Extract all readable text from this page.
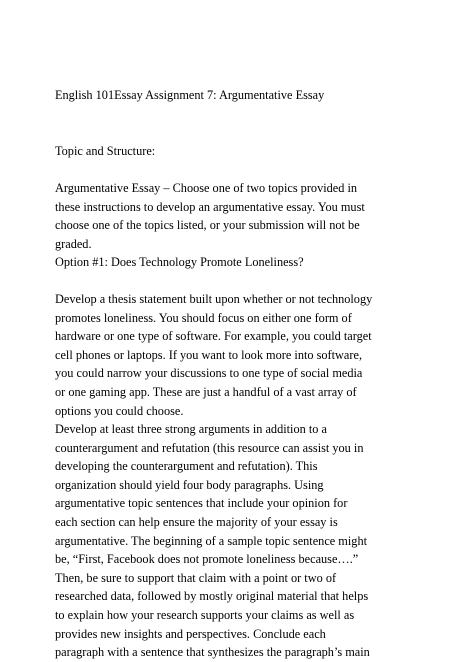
English 101Essay Assignment 7: Argumentative Essay

Topic and Structure:

Argumentative Essay – Choose one of two topics provided in
these instructions to develop an argumentative essay. You must
choose one of the topics listed, or your submission will not be
graded.

Option #1: Does Technology Promote Loneliness?

Develop a thesis statement built upon whether or not technology
promotes loneliness. You should focus on either one form of
hardware or one type of software. For example, you could target
cell phones or laptops. If you want to look more into software,
you could narrow your discussions to one type of social media
or one gaming app. These are just a handful of a vast array of
options you could choose.

Develop at least three strong arguments in addition to a
counterargument and refutation (this resource can assist you in
developing the counterargument and refutation). This
organization should yield four body paragraphs. Using
argumentative topic sentences that include your opinion for
each section can help ensure the majority of your essay is
argumentative. The beginning of a sample topic sentence might
be, “First, Facebook does not promote loneliness because….”
Then, be sure to support that claim with a point or two of
researched data, followed by mostly original material that helps
to explain how your research supports your claims as well as
provides new insights and perspectives. Conclude each
paragraph with a sentence that synthesizes the paragraph’s main
